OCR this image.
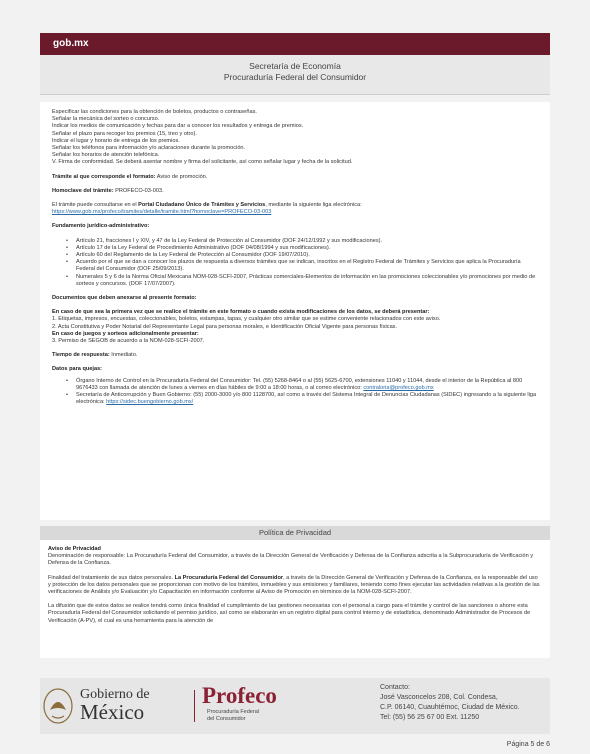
gob.mx
Secretaría de Economía
Procuraduría Federal del Consumidor

Especificar las condiciones para la obtención de boletos, productos o contraseñas.

Señalar la mecánica del sorteo o concurso.

Indicar los medios de comunicación y fechas para dar a conocer los resultados y entrega de premios.

Señalar el plazo para recoger los premios (15, treo y otro).

Indicar el lugar y horario de entrega de los premios.

Señalar los teléfonos para información y/o aclaraciones durante la promoción.

Señalar los horarios de atención telefónica.

V. Firma de conformidad. Se deberá asentar nombre y firma del solicitante, así como señalar lugar y fecha de la solicitud.

Trámite al que corresponde el formato: Aviso de promoción.

Homoclave del trámite: PROFECO-03-003.

El trámite puede consultarse en el Portal Ciudadano Único de Trámites y Servicios, mediante la siguiente liga electrónica:

https://www.gob.mx/profeco/tramites/detalle/tramite.html?homoclave=PROFECO-03-003

Fundamento jurídico-administrativo:

• Artículo 21, fracciones I y XIV, y 47 de la Ley Federal de Protección al Consumidor (DOF 24/12/1992 y sus modificaciones).
• Artículo 17 de la Ley Federal de Procedimiento Administrativo (DOF 04/08/1994 y sus modificaciones).
• Artículo 60 del Reglamento de la Ley Federal de Protección al Consumidor (DOF 19/07/2010).
• Acuerdo por el que se dan a conocer los plazos de respuesta a diversos trámites que se indican, inscritos en el Registro Federal de Trámites y Servicios que aplica la Procuraduría Federal del Consumidor (DOF 25/09/2013).
• Numerales 5 y 6 de la Norma Oficial Mexicana NOM-028-SCFI-2007, Prácticas comerciales-Elementos de información en las promociones coleccionables y/o promociones por medio de sorteos y concursos. (DOF 17/07/2007).

Documentos que deben anexarse al presente formato:

En caso de que sea la primera vez que se realice el trámite en este formato o cuando exista modificaciones de los datos, se deberá presentar:

1. Etiquetas, impresos, encuestas, coleccionables, boletos, estampas, tapas, y cualquier otro similar que se estime conveniente relacionados con este aviso.

2. Acta Constitutiva y Poder Notarial del Representante Legal para personas morales, e Identificación Oficial Vigente para personas físicas.

En caso de juegos y sorteos adicionalmente presentar:

3. Permiso de SEGOB de acuerdo a la NOM-028-SCFI-2007.

Tiempo de respuesta: Inmediato.

Datos para quejas:

• Órgano Interno de Control en la Procuraduría Federal del Consumidor: Tel. (55) 5268-8464 o al (55) 5625-6700, extensiones 11040 y 11044, desde el interior de la República al 800 9676433 con llamada de atención de lunes a viernes en días hábiles de 9:00 a 18:00 horas, o al correo electrónico: contraloria@profeco.gob.mx
• Secretaría de Anticorrupción y Buen Gobierno: (55) 2000-3000 y/o 800 1128700, así como a través del Sistema Integral de Denuncias Ciudadanas (SIDEC) ingresando a la siguiente liga electrónica: https://sidec.buengobierno.gob.mx/
Política de Privacidad

Aviso de Privacidad

Denominación de responsable: La Procuraduría Federal del Consumidor, a través de la Dirección General de Verificación y Defensa de la Confianza adscrita a la Subprocuraduría de Verificación y Defensa de la Confianza.

Finalidad del tratamiento de sus datos personales. La Procuraduría Federal del Consumidor, a través de la Dirección General de Verificación y Defensa de la Confianza, es la responsable del uso y protección de los datos personales que se proporcionan con motivo de los trámites, inmuebles y sus emisiones y familiares, teniendo como fines ejecutar las actividades relativas a la gestión de las verificaciones de Análisis y/o Evaluación y/o Capacitación en información conforme al Aviso de Promoción en términos de la NOM-028-SCFI-2007.

La difusión que de estos datos se realice tendrá como única finalidad el cumplimiento de las gestiones necesarias con el personal a cargo para el trámite y control de las sanciones o ahorre esta Procuraduría Federal del Consumidor solicitando el permiso jurídico, así como se elaborarán en un registro digital para control interno y de estadística, denominado Administrador de Procesos de Verificación (A-PV), el cual es una herramienta para la atención de

Gobierno de
México
Profeco
Procuraduría Federal
del Consumidor
Contacto:
José Vasconcelos 208, Col. Condesa,
C.P. 06140, Cuauhtémoc, Ciudad de México.
Tel: (55) 56 25 67 00 Ext. 11250
Página 5 de 6
